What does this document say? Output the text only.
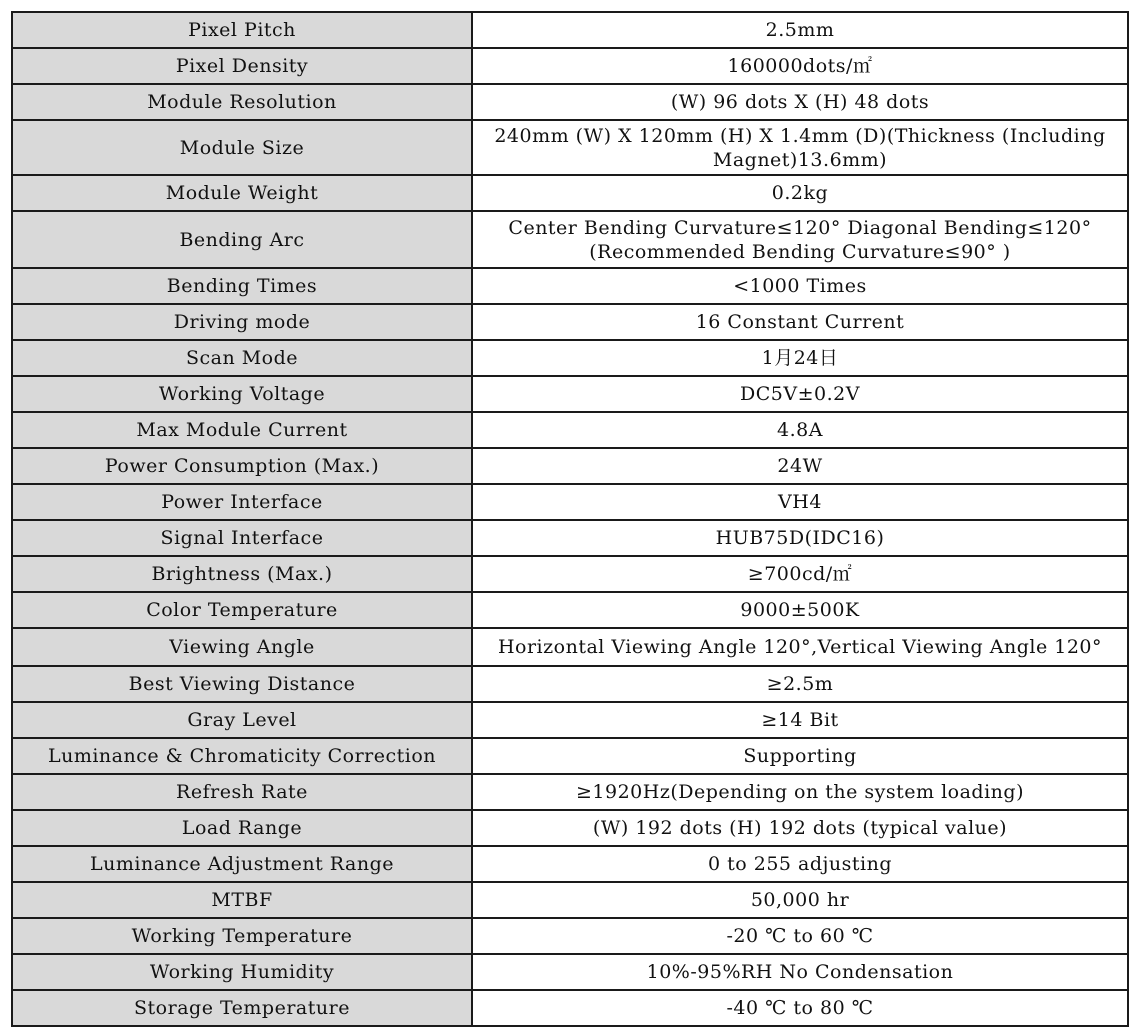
Pixel Pitch	2.5mm
Pixel Density	160000dots/㎡
Module Resolution	(W) 96 dots X (H) 48 dots
Module Size	240mm (W) X 120mm (H) X 1.4mm (D)(Thickness (Including Magnet)13.6mm)
Module Weight	0.2kg
Bending Arc	Center Bending Curvature≤120° Diagonal Bending≤120°(Recommended Bending Curvature≤90° )
Bending Times	<1000 Times
Driving mode	16 Constant Current
Scan Mode	1月24日
Working Voltage	DC5V±0.2V
Max Module Current	4.8A
Power Consumption (Max.)	24W
Power Interface	VH4
Signal Interface	HUB75D(IDC16)
Brightness (Max.)	≥700cd/㎡
Color Temperature	9000±500K
Viewing Angle	Horizontal Viewing Angle 120°,Vertical Viewing Angle 120°
Best Viewing Distance	≥2.5m
Gray Level	≥14 Bit
Luminance & Chromaticity Correction	Supporting
Refresh Rate	≥1920Hz(Depending on the system loading)
Load Range	(W) 192 dots (H) 192 dots (typical value)
Luminance Adjustment Range	0 to 255 adjusting
MTBF	50,000 hr
Working Temperature	-20 ℃ to 60 ℃
Working Humidity	10%-95%RH No Condensation
Storage Temperature	-40 ℃ to 80 ℃
